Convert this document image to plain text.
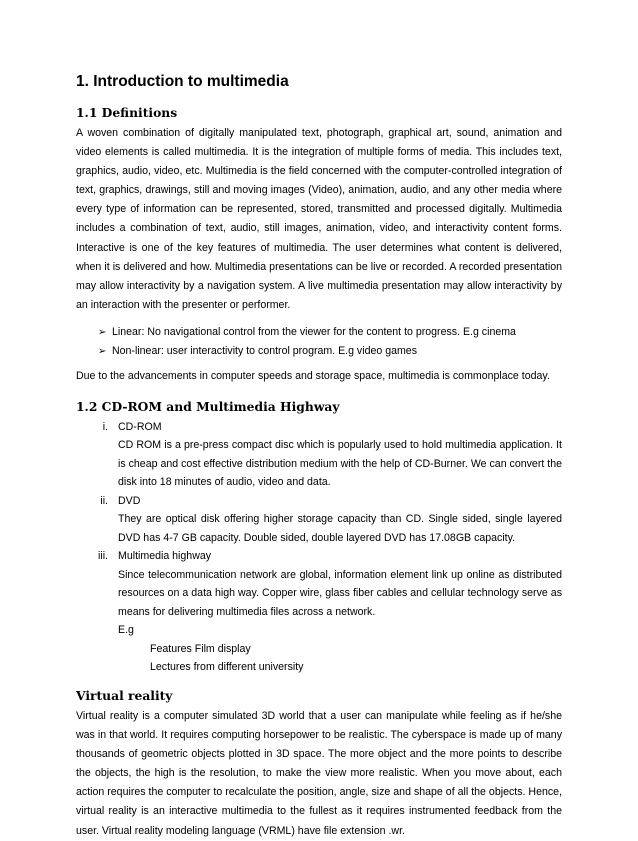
1. Introduction to multimedia
1.1 Definitions

A woven combination of digitally manipulated text, photograph, graphical art, sound, animation and video elements is called multimedia. It is the integration of multiple forms of media. This includes text, graphics, audio, video, etc. Multimedia is the field concerned with the computer-controlled integration of text, graphics, drawings, still and moving images (Video), animation, audio, and any other media where every type of information can be represented, stored, transmitted and processed digitally. Multimedia includes a combination of text, audio, still images, animation, video, and interactivity content forms. Interactive is one of the key features of multimedia. The user determines what content is delivered, when it is delivered and how. Multimedia presentations can be live or recorded. A recorded presentation may allow interactivity by a navigation system. A live multimedia presentation may allow interactivity by an interaction with the presenter or performer.

➢ Linear: No navigational control from the viewer for the content to progress. E.g cinema
➢ Non-linear: user interactivity to control program. E.g video games

Due to the advancements in computer speeds and storage space, multimedia is commonplace today.

1.2 CD-ROM and Multimedia Highway
i. CD-ROM
CD ROM is a pre-press compact disc which is popularly used to hold multimedia application. It is cheap and cost effective distribution medium with the help of CD-Burner. We can convert the disk into 18 minutes of audio, video and data.
ii. DVD
They are optical disk offering higher storage capacity than CD. Single sided, single layered DVD has 4-7 GB capacity. Double sided, double layered DVD has 17.08GB capacity.
iii. Multimedia highway
Since telecommunication network are global, information element link up online as distributed resources on a data high way. Copper wire, glass fiber cables and cellular technology serve as means for delivering multimedia files across a network.
E.g
Features Film display
Lectures from different university
Virtual reality

Virtual reality is a computer simulated 3D world that a user can manipulate while feeling as if he/she was in that world. It requires computing horsepower to be realistic. The cyberspace is made up of many thousands of geometric objects plotted in 3D space. The more object and the more points to describe the objects, the high is the resolution, to make the view more realistic. When you move about, each action requires the computer to recalculate the position, angle, size and shape of all the objects. Hence, virtual reality is an interactive multimedia to the fullest as it requires instrumented feedback from the user. Virtual reality modeling language (VRML) have file extension .wr.
